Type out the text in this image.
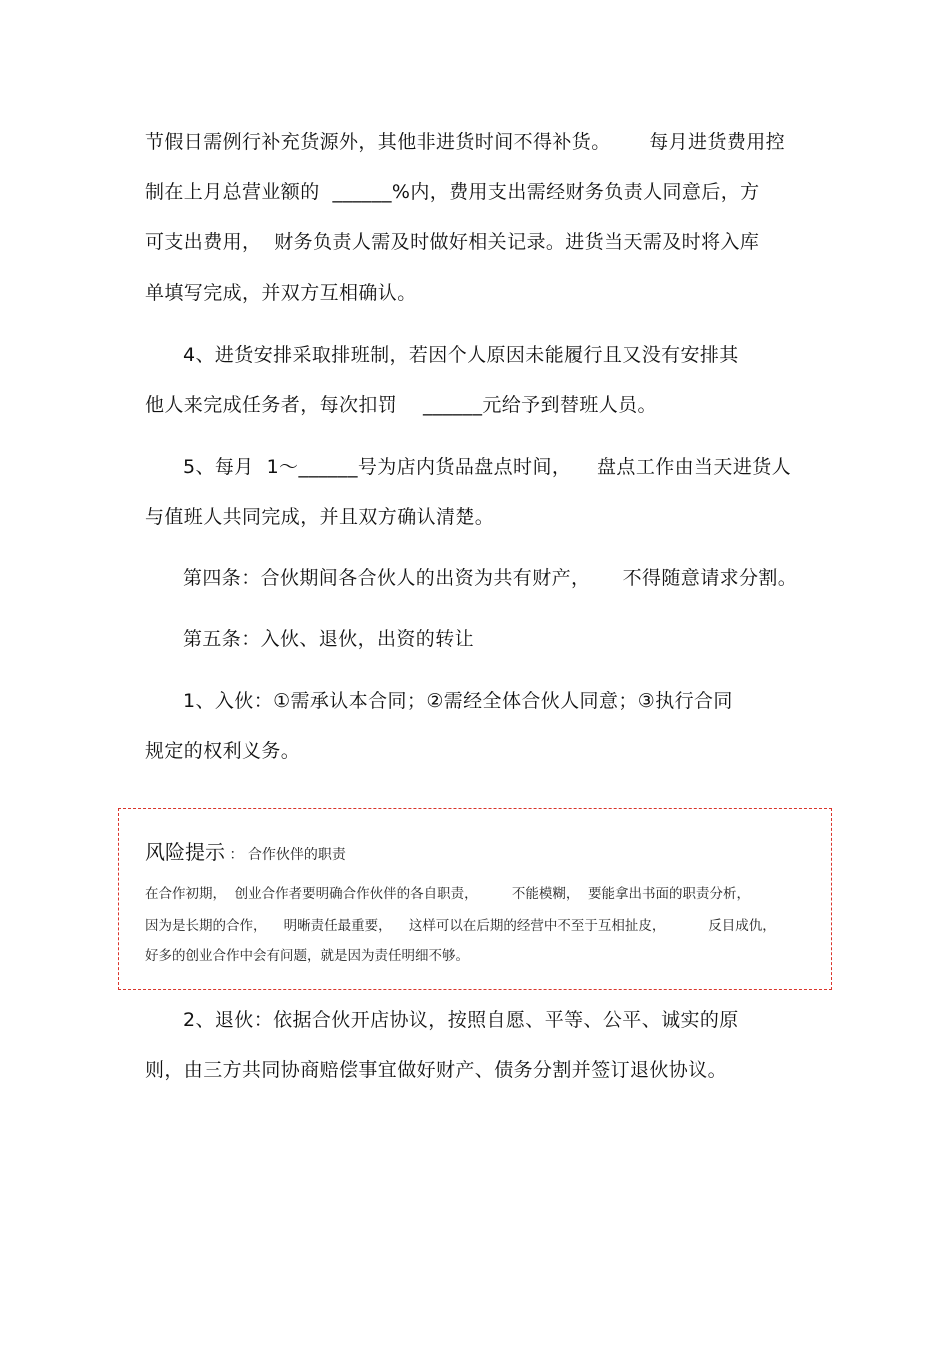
节假日需例行补充货源外，其他非进货时间不得补货。      每月进货费用控
制在上月总营业额的  ______%内，费用支出需经财务负责人同意后，方
可支出费用，  财务负责人需及时做好相关记录。进货当天需及时将入库
单填写完成，并双方互相确认。
4、进货安排采取排班制，若因个人原因未能履行且又没有安排其
他人来完成任务者，每次扣罚    ______元给予到替班人员。
5、每月  1～______号为店内货品盘点时间，    盘点工作由当天进货人
与值班人共同完成，并且双方确认清楚。
第四条：合伙期间各合伙人的出资为共有财产，     不得随意请求分割。
第五条：入伙、退伙，出资的转让
1、入伙：①需承认本合同；②需经全体合伙人同意；③执行合同
规定的权利义务。
风险提示 ： 合作伙伴的职责
在合作初期，  创业合作者要明确合作伙伴的各自职责，        不能模糊，  要能拿出书面的职责分析，
因为是长期的合作，    明晰责任最重要，    这样可以在后期的经营中不至于互相扯皮，          反目成仇，
好多的创业合作中会有问题，就是因为责任明细不够。
2、退伙：依据合伙开店协议，按照自愿、平等、公平、诚实的原
则，由三方共同协商赔偿事宜做好财产、债务分割并签订退伙协议。
